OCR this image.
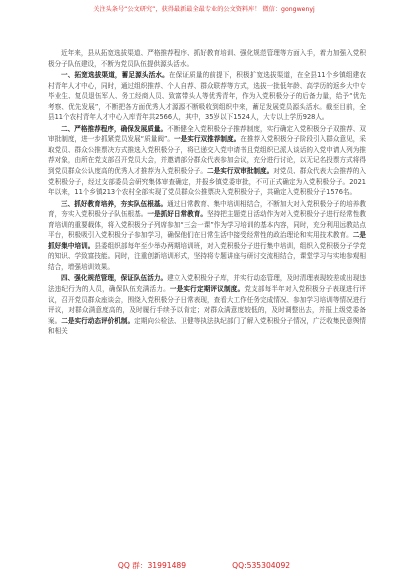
关注头条号“公文研究”，获得最新最全最专业的公文资料库！ 微信：gongwenyj

近年来，县从拓宽选拔渠道、严格推荐程序、抓好教育培训、强化规范管理等方面入手，着力加强入党积极分子队伍建设，不断为党员队伍提供源头活水。

一、拓宽选拔渠道，蓄足源头活水。在保证质量的前提下，积极扩宽选拔渠道，在全县11个乡镇组建农村青年人才中心，同时，通过组织推荐、个人自荐、群众联荐等方式，选拔一批低年龄、高学历的返乡大中专毕业生、复员退伍军人、务工经商人员、致富带头人等优秀青年，作为入党积极分子的后备力量，给予“优先考察、优先发展”，不断把各方面优秀人才源源不断吸收到组织中来，蓄足发展党员源头活水。截至目前，全县11个农村青年人才中心入库青年共2566人，其中，35岁以下1524人，大专以上学历928人。

二、严格推荐程序，确保发展质量。不断健全入党积极分子推荐制度，实行确定入党积极分子双推荐、双审批制度，进一步抓紧党员发展“质量阀”。一是实行双推荐制度。在推荐入党积极分子阶段引入群众意见，采取党员、群众公推票决方式推选入党积极分子，将已递交入党申请书且党组织已派人谈话的入党申请人列为推荐对象，由所在党支部召开党员大会，并邀请部分群众代表参加会议，充分进行讨论，以无记名投票方式将得到党员群众公认度高的优秀人才推荐为入党积极分子。二是实行双审批制度。对党员、群众代表大会推荐的入党积极分子，经过支部委员会研究集体审查确定，并报乡镇党委审批，不可正式确定为入党积极分子。2021年以来，11个乡镇213个农村全部实现了党员群众公推票决入党积极分子，共确定入党积极分子1576名。

三、抓好教育培养，夯实队伍根基。通过日常教育、集中培训相结合，不断加大对入党积极分子的培养教育，夯实入党积极分子队伍根基。一是抓好日常教育。坚持把主题党日活动作为对入党积极分子进行经常性教育培训的重要载体，将入党积极分子列席参加“三会一课”作为学习培训的基本内容，同时，充分利用远教站点平台，积极吸引入党积极分子参加学习，确保他们在日常生活中接受经常性的政治理论和实用技术教育。二是抓好集中培训。县委组织部每年至少举办两期培训班，对入党积极分子进行集中培训，组织入党积极分子学党的知识、学致富技能。同时，注重创新培训形式，坚持将专题讲座与研讨交流相结合，课堂学习与实地参观相结合，增强培训效果。

四、强化规范管理，保证队伍活力。建立入党积极分子库，并实行动态管理，及时清理表现较差或出现违法违纪行为的人员，确保队伍充满活力。一是实行定期评议制度。党支部每半年对入党积极分子表现进行评议，召开党员群众座谈会，围绕入党积极分子日常表现，查看大工作任务完成情况、参加学习培训等情况进行评议，对群众满意度高的，及时履行手续予以肯定；对群众满意度较低的，及时调整出去，并报上级党委备案。二是实行动态评价机制。定期向公检法、卫健等执法执纪部门了解入党积极分子情况，广泛收集民意舆情和相关

QQ 群：31991489	QQ:535304092
